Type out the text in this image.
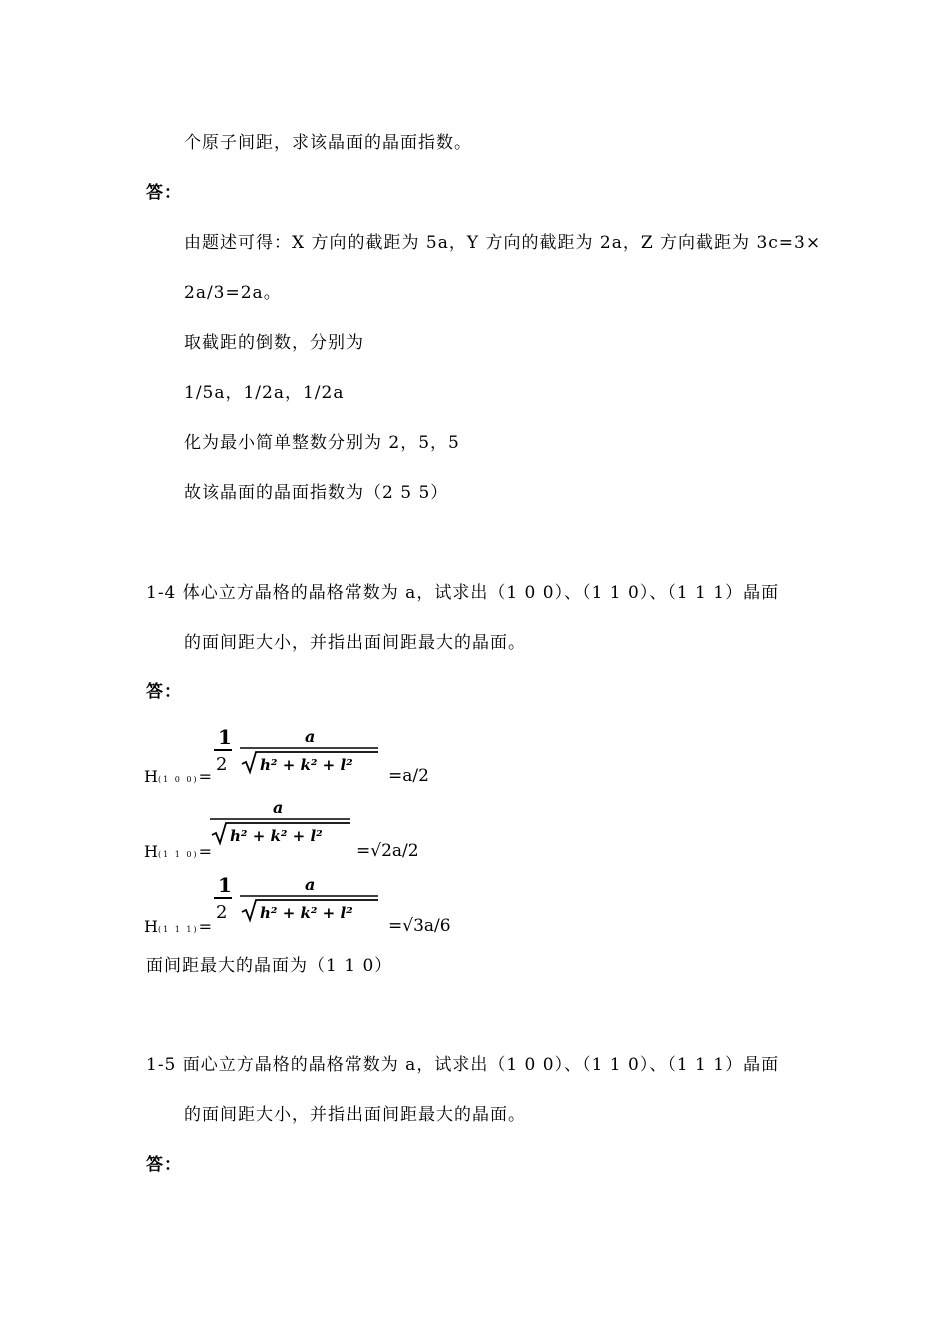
个原子间距，求该晶面的晶面指数。
答：
由题述可得：X 方向的截距为 5a，Y 方向的截距为 2a，Z 方向截距为 3c=3×
2a/3=2a。
取截距的倒数，分别为
1/5a，1/2a，1/2a
化为最小简单整数分别为 2，5，5
故该晶面的晶面指数为（2 5 5）
1-4 体心立方晶格的晶格常数为 a，试求出（1 0 0）、（1 1 0）、（1 1 1）晶面
的面间距大小，并指出面间距最大的晶面。
答：
H(1 0 0)=
1
2
a
h² + k² + l²
=a/2
H(1 1 0)=
a
h² + k² + l²
=√2a/2
H(1 1 1)=
1
2
a
h² + k² + l²
=√3a/6
面间距最大的晶面为（1 1 0）
1-5 面心立方晶格的晶格常数为 a，试求出（1 0 0）、（1 1 0）、（1 1 1）晶面
的面间距大小，并指出面间距最大的晶面。
答：
